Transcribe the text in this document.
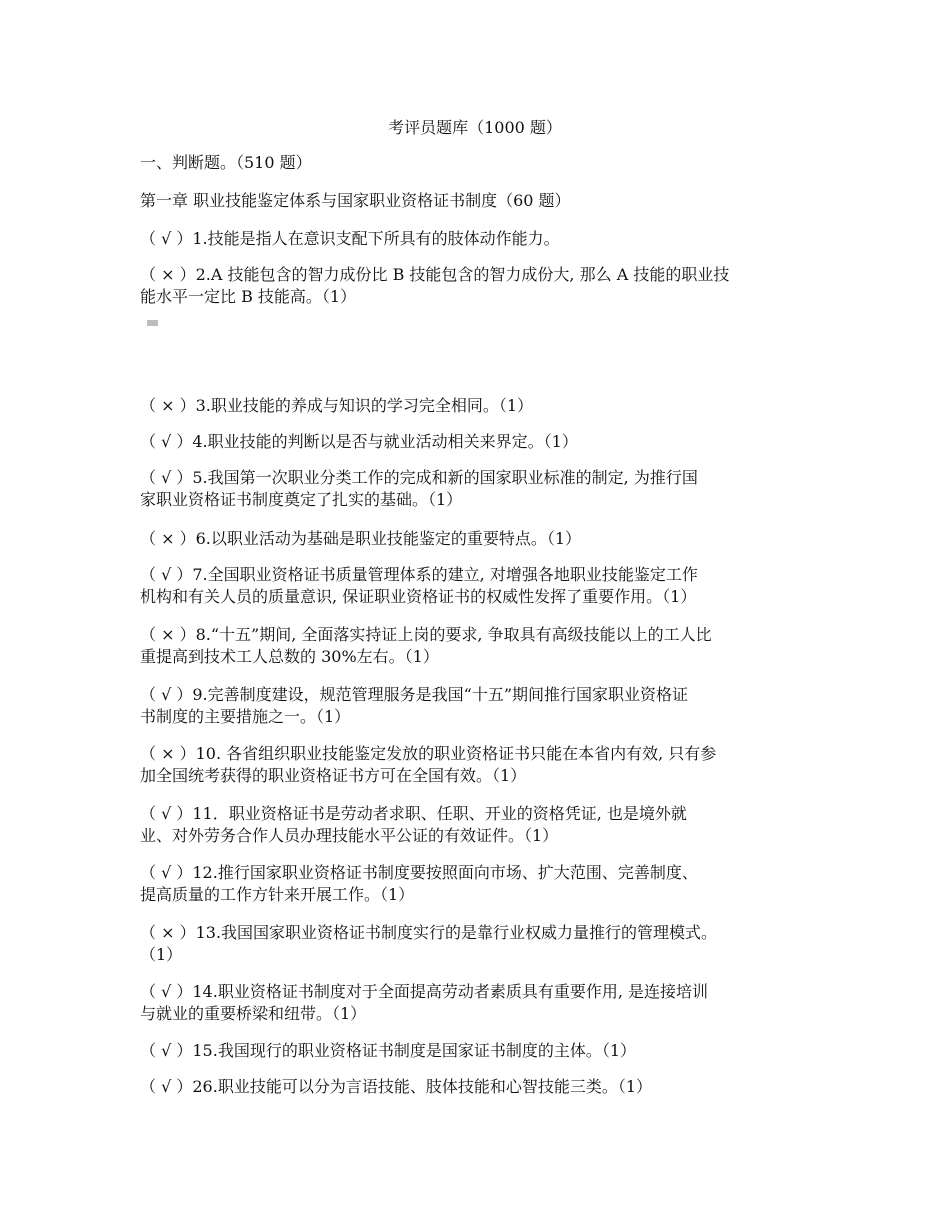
考评员题库（1000 题）
一、判断题。（510 题）
第一章 职业技能鉴定体系与国家职业资格证书制度（60 题）
（ √ ）1.技能是指人在意识支配下所具有的肢体动作能力。
（ × ）2.A 技能包含的智力成份比 B 技能包含的智力成份大, 那么 A 技能的职业技
能水平一定比 B 技能高。（1）
（ × ）3.职业技能的养成与知识的学习完全相同。（1）
（ √ ）4.职业技能的判断以是否与就业活动相关来界定。（1）
（ √ ）5.我国第一次职业分类工作的完成和新的国家职业标准的制定, 为推行国
家职业资格证书制度奠定了扎实的基础。（1）
（ × ）6.以职业活动为基础是职业技能鉴定的重要特点。（1）
（ √ ）7.全国职业资格证书质量管理体系的建立, 对增强各地职业技能鉴定工作
机构和有关人员的质量意识, 保证职业资格证书的权威性发挥了重要作用。（1）
（ × ）8.“十五”期间, 全面落实持证上岗的要求, 争取具有高级技能以上的工人比
重提高到技术工人总数的 30%左右。（1）
（ √ ）9.完善制度建设，规范管理服务是我国“十五”期间推行国家职业资格证
书制度的主要措施之一。（1）
（ × ）10. 各省组织职业技能鉴定发放的职业资格证书只能在本省内有效, 只有参
加全国统考获得的职业资格证书方可在全国有效。（1）
（ √ ）11．职业资格证书是劳动者求职、任职、开业的资格凭证, 也是境外就
业、对外劳务合作人员办理技能水平公证的有效证件。（1）
（ √ ）12.推行国家职业资格证书制度要按照面向市场、扩大范围、完善制度、
提高质量的工作方针来开展工作。（1）
（ × ）13.我国国家职业资格证书制度实行的是靠行业权威力量推行的管理模式。
（1）
（ √ ）14.职业资格证书制度对于全面提高劳动者素质具有重要作用, 是连接培训
与就业的重要桥梁和纽带。（1）
（ √ ）15.我国现行的职业资格证书制度是国家证书制度的主体。（1）
（ √ ）26.职业技能可以分为言语技能、肢体技能和心智技能三类。（1）
